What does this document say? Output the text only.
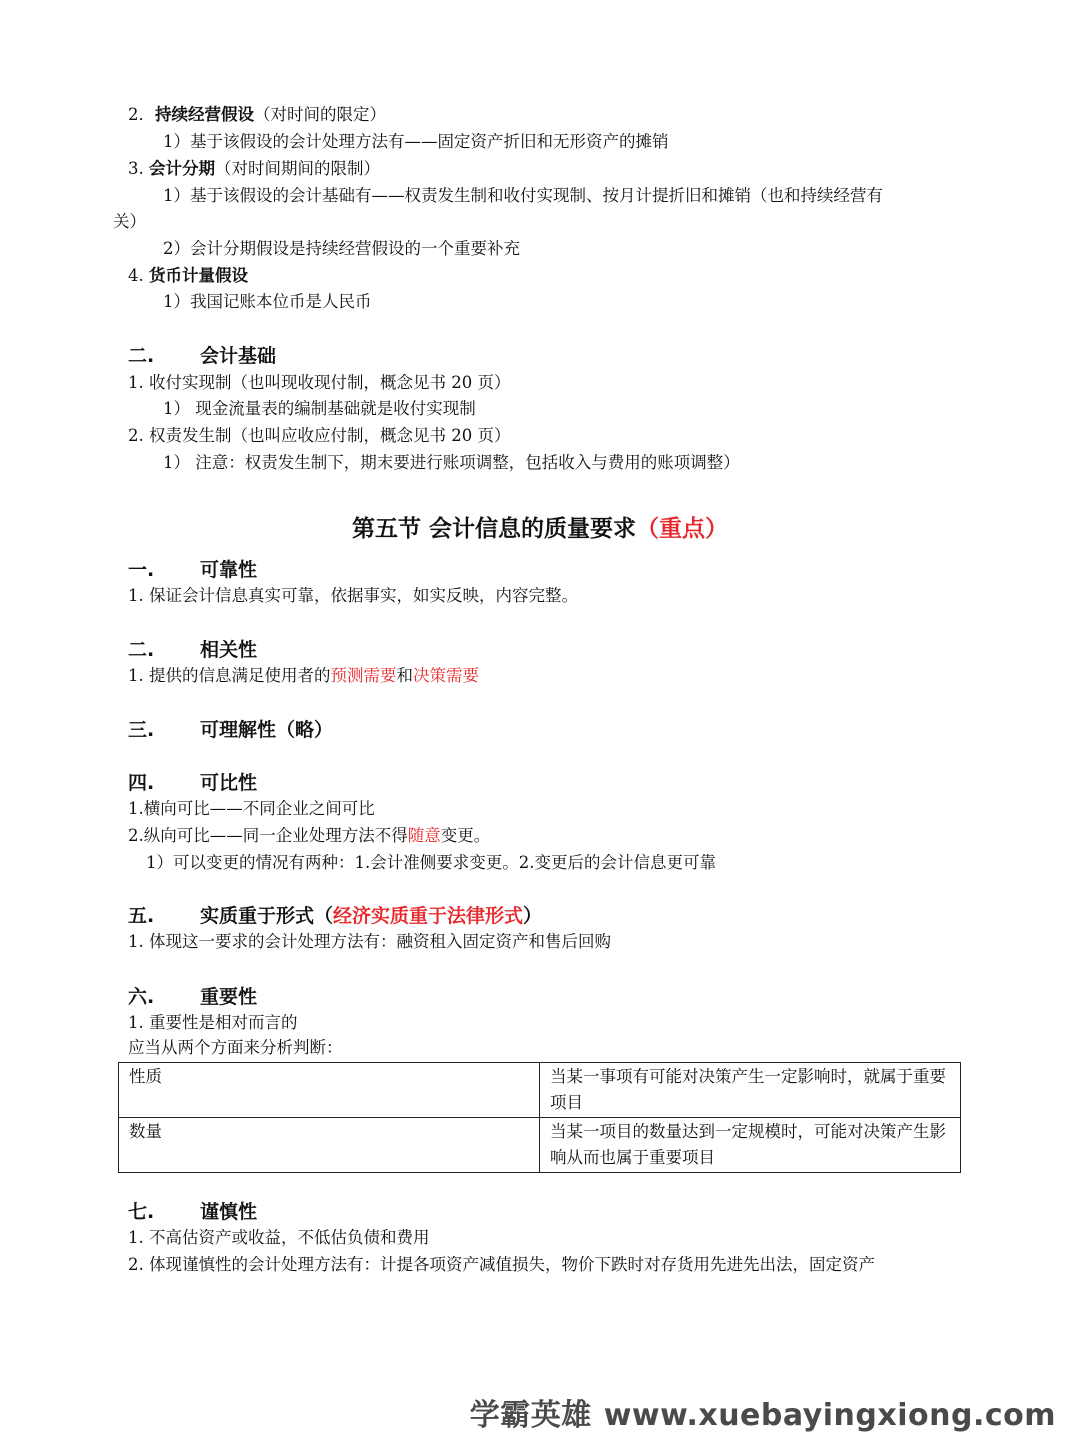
2．持续经营假设（对时间的限定）
1）基于该假设的会计处理方法有——固定资产折旧和无形资产的摊销
3. 会计分期（对时间期间的限制）
1）基于该假设的会计基础有——权责发生制和收付实现制、按月计提折旧和摊销（也和持续经营有
关）
2）会计分期假设是持续经营假设的一个重要补充
4. 货币计量假设
1）我国记账本位币是人民币
二. 会计基础
1. 收付实现制（也叫现收现付制，概念见书 20 页）
1） 现金流量表的编制基础就是收付实现制
2. 权责发生制（也叫应收应付制，概念见书 20 页）
1） 注意：权责发生制下，期末要进行账项调整，包括收入与费用的账项调整）
第五节 会计信息的质量要求（重点）
一. 可靠性
1. 保证会计信息真实可靠，依据事实，如实反映，内容完整。
二. 相关性
1. 提供的信息满足使用者的预测需要和决策需要
三. 可理解性（略）
四. 可比性
1.横向可比——不同企业之间可比
2.纵向可比——同一企业处理方法不得随意变更。
1）可以变更的情况有两种：1.会计准侧要求变更。2.变更后的会计信息更可靠
五. 实质重于形式（经济实质重于法律形式）
1. 体现这一要求的会计处理方法有：融资租入固定资产和售后回购
六. 重要性
1. 重要性是相对而言的
应当从两个方面来分析判断：
性质	当某一事项有可能对决策产生一定影响时，就属于重要项目
数量	当某一项目的数量达到一定规模时，可能对决策产生影响从而也属于重要项目
七. 谨慎性
1. 不高估资产或收益，不低估负债和费用
2. 体现谨慎性的会计处理方法有：计提各项资产减值损失，物价下跌时对存货用先进先出法，固定资产
学霸英雄 www.xuebayingxiong.com
